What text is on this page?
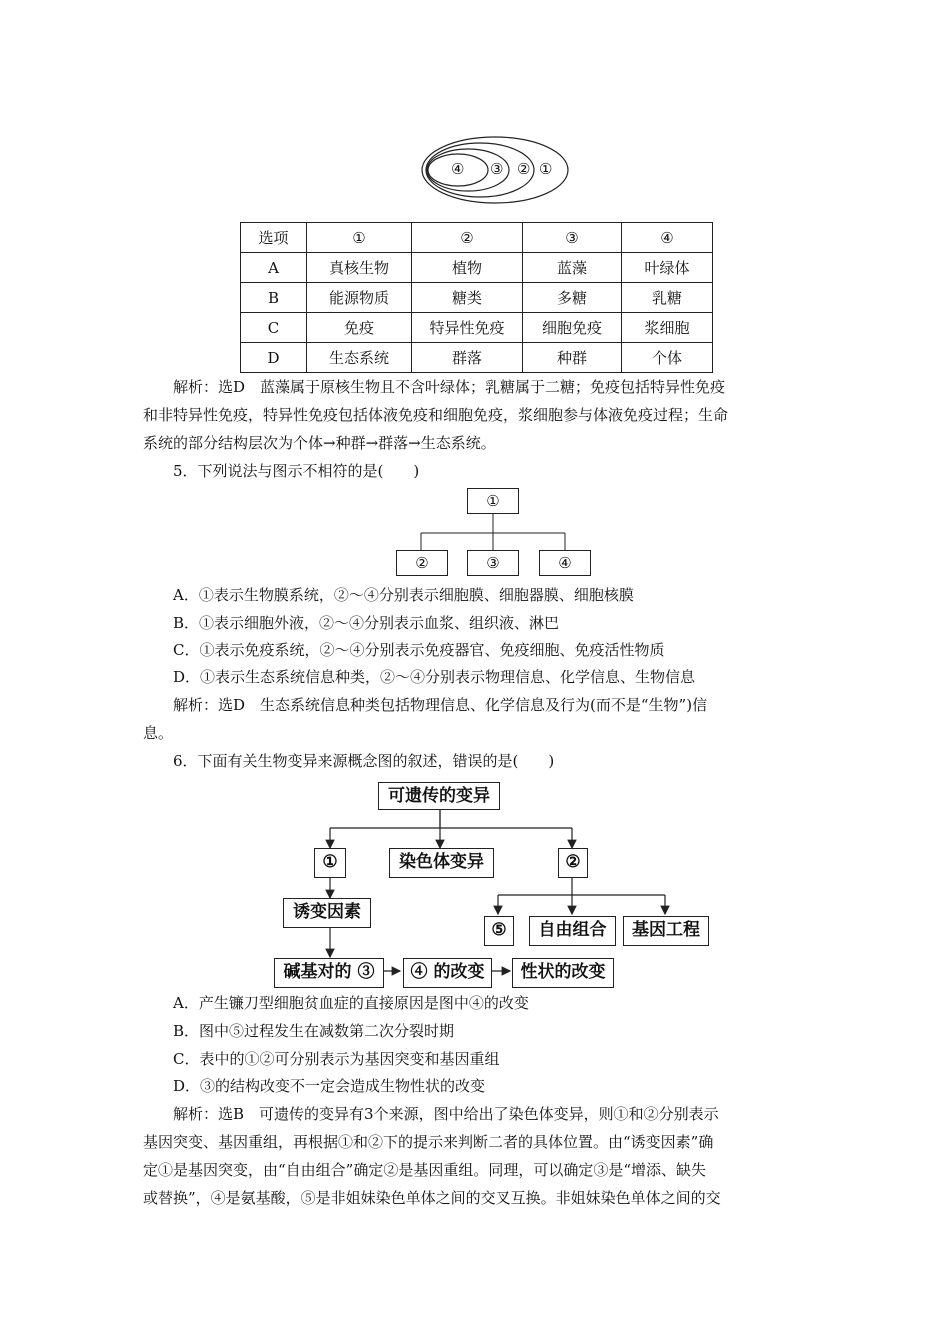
④ ③ ② ①
选项	①	②	③	④
A	真核生物	植物	蓝藻	叶绿体
B	能源物质	糖类	多糖	乳糖
C	免疫	特异性免疫	细胞免疫	浆细胞
D	生态系统	群落	种群	个体
解析：选D　蓝藻属于原核生物且不含叶绿体；乳糖属于二糖；免疫包括特异性免疫
和非特异性免疫，特异性免疫包括体液免疫和细胞免疫，浆细胞参与体液免疫过程；生命
系统的部分结构层次为个体→种群→群落→生态系统。
5．下列说法与图示不相符的是(　　)
①
②	③	④
A．①表示生物膜系统，②～④分别表示细胞膜、细胞器膜、细胞核膜
B．①表示细胞外液，②～④分别表示血浆、组织液、淋巴
C．①表示免疫系统，②～④分别表示免疫器官、免疫细胞、免疫活性物质
D．①表示生态系统信息种类，②～④分别表示物理信息、化学信息、生物信息
解析：选D　生态系统信息种类包括物理信息、化学信息及行为(而不是“生物”)信
息。
6．下面有关生物变异来源概念图的叙述，错误的是(　　)
可遗传的变异
①	染色体变异	②
诱变因素
⑤	自由组合	基因工程
碱基对的 ③	④ 的改变	性状的改变
A．产生镰刀型细胞贫血症的直接原因是图中④的改变
B．图中⑤过程发生在减数第二次分裂时期
C．表中的①②可分别表示为基因突变和基因重组
D．③的结构改变不一定会造成生物性状的改变
解析：选B　可遗传的变异有3个来源，图中给出了染色体变异，则①和②分别表示
基因突变、基因重组，再根据①和②下的提示来判断二者的具体位置。由“诱变因素”确
定①是基因突变，由“自由组合”确定②是基因重组。同理，可以确定③是“增添、缺失
或替换”，④是氨基酸，⑤是非姐妹染色单体之间的交叉互换。非姐妹染色单体之间的交
